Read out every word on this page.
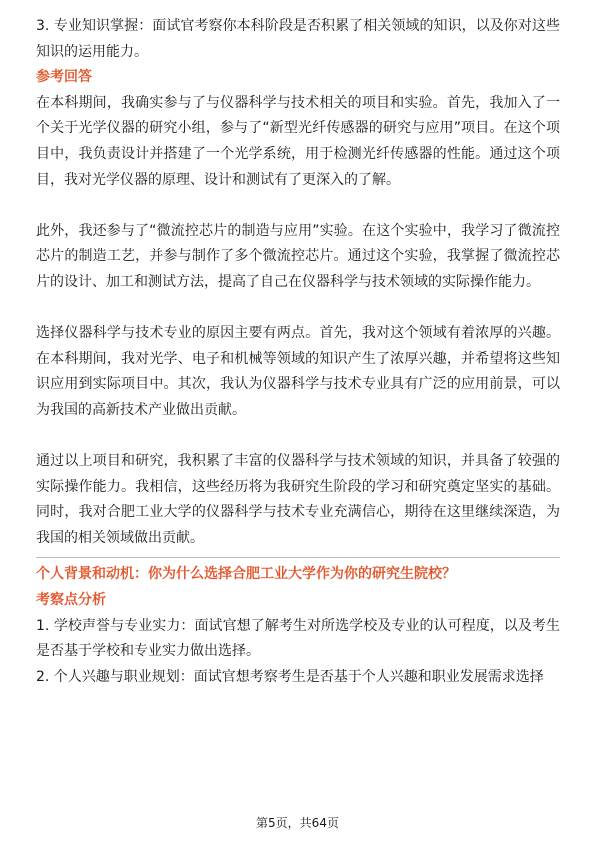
3. 专业知识掌握：面试官考察你本科阶段是否积累了相关领域的知识，以及你对这些知识的运用能力。

参考回答

在本科期间，我确实参与了与仪器科学与技术相关的项目和实验。首先，我加入了一个关于光学仪器的研究小组，参与了“新型光纤传感器的研究与应用”项目。在这个项目中，我负责设计并搭建了一个光学系统，用于检测光纤传感器的性能。通过这个项目，我对光学仪器的原理、设计和测试有了更深入的了解。

此外，我还参与了“微流控芯片的制造与应用”实验。在这个实验中，我学习了微流控芯片的制造工艺，并参与制作了多个微流控芯片。通过这个实验，我掌握了微流控芯片的设计、加工和测试方法，提高了自己在仪器科学与技术领域的实际操作能力。

选择仪器科学与技术专业的原因主要有两点。首先，我对这个领域有着浓厚的兴趣。在本科期间，我对光学、电子和机械等领域的知识产生了浓厚兴趣，并希望将这些知识应用到实际项目中。其次，我认为仪器科学与技术专业具有广泛的应用前景，可以为我国的高新技术产业做出贡献。

通过以上项目和研究，我积累了丰富的仪器科学与技术领域的知识，并具备了较强的实际操作能力。我相信，这些经历将为我研究生阶段的学习和研究奠定坚实的基础。同时，我对合肥工业大学的仪器科学与技术专业充满信心，期待在这里继续深造，为我国的相关领域做出贡献。

个人背景和动机：你为什么选择合肥工业大学作为你的研究生院校？

考察点分析

1. 学校声誉与专业实力：面试官想了解考生对所选学校及专业的认可程度，以及考生是否基于学校和专业实力做出选择。

2. 个人兴趣与职业规划：面试官想考察考生是否基于个人兴趣和职业发展需求选择

第5页，共64页
